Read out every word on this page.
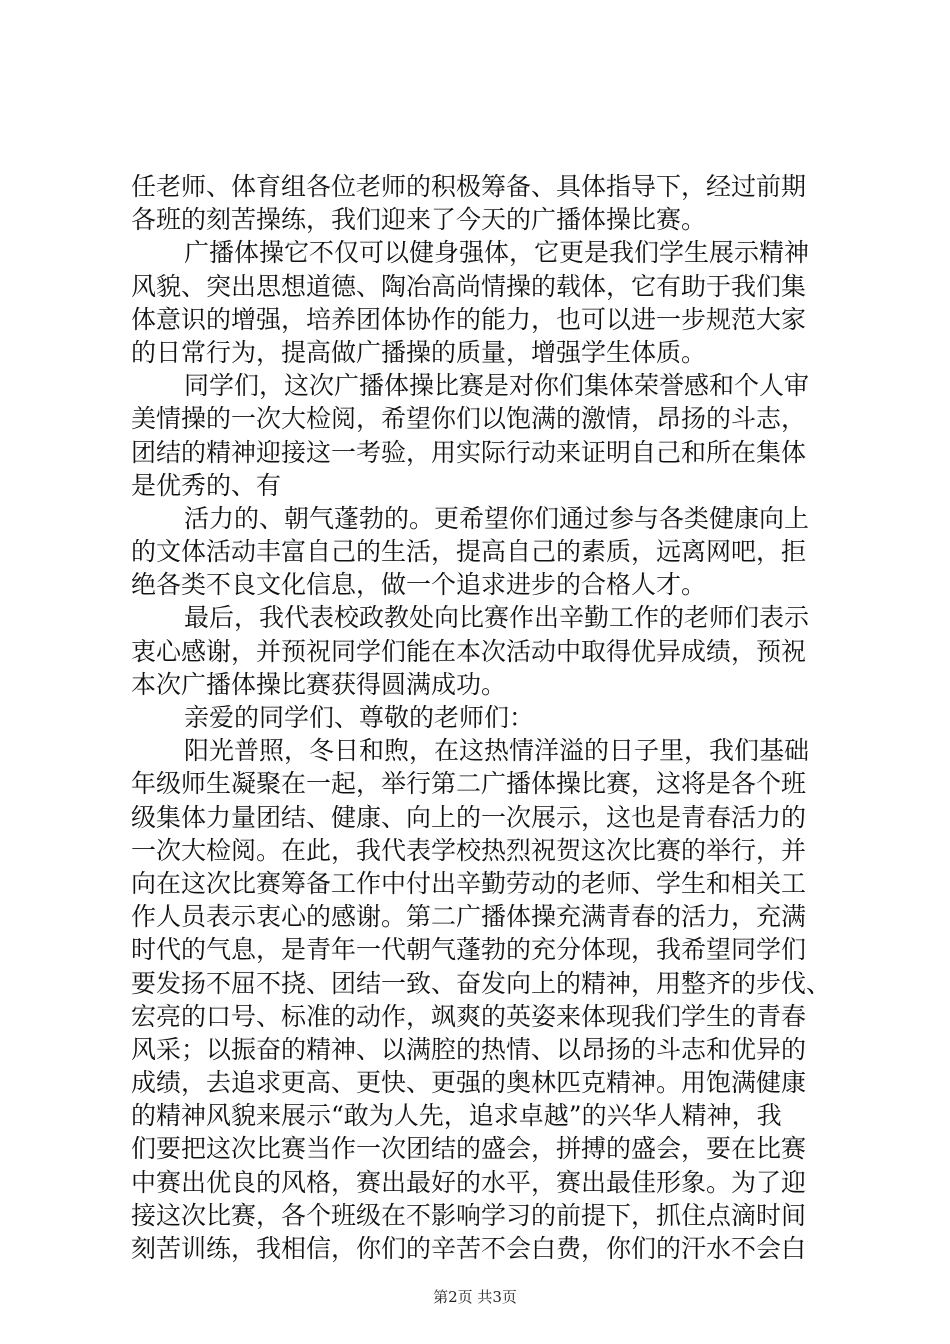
任老师、体育组各位老师的积极筹备、具体指导下，经过前期
各班的刻苦操练，我们迎来了今天的广播体操比赛。
广播体操它不仅可以健身强体，它更是我们学生展示精神
风貌、突出思想道德、陶冶高尚情操的载体，它有助于我们集
体意识的增强，培养团体协作的能力，也可以进一步规范大家
的日常行为，提高做广播操的质量，增强学生体质。
同学们，这次广播体操比赛是对你们集体荣誉感和个人审
美情操的一次大检阅，希望你们以饱满的激情，昂扬的斗志，
团结的精神迎接这一考验，用实际行动来证明自己和所在集体
是优秀的、有
活力的、朝气蓬勃的。更希望你们通过参与各类健康向上
的文体活动丰富自己的生活，提高自己的素质，远离网吧，拒
绝各类不良文化信息，做一个追求进步的合格人才。
最后，我代表校政教处向比赛作出辛勤工作的老师们表示
衷心感谢，并预祝同学们能在本次活动中取得优异成绩，预祝
本次广播体操比赛获得圆满成功。
亲爱的同学们、尊敬的老师们：
阳光普照，冬日和煦，在这热情洋溢的日子里，我们基础
年级师生凝聚在一起，举行第二广播体操比赛，这将是各个班
级集体力量团结、健康、向上的一次展示，这也是青春活力的
一次大检阅。在此，我代表学校热烈祝贺这次比赛的举行，并
向在这次比赛筹备工作中付出辛勤劳动的老师、学生和相关工
作人员表示衷心的感谢。第二广播体操充满青春的活力，充满
时代的气息，是青年一代朝气蓬勃的充分体现，我希望同学们
要发扬不屈不挠、团结一致、奋发向上的精神，用整齐的步伐、
宏亮的口号、标准的动作，飒爽的英姿来体现我们学生的青春
风采；以振奋的精神、以满腔的热情、以昂扬的斗志和优异的
成绩，去追求更高、更快、更强的奥林匹克精神。用饱满健康
的精神风貌来展示“敢为人先，追求卓越”的兴华人精神，我
们要把这次比赛当作一次团结的盛会，拼搏的盛会，要在比赛
中赛出优良的风格，赛出最好的水平，赛出最佳形象。为了迎
接这次比赛，各个班级在不影响学习的前提下，抓住点滴时间
刻苦训练，我相信，你们的辛苦不会白费，你们的汗水不会白
第2页 共3页
